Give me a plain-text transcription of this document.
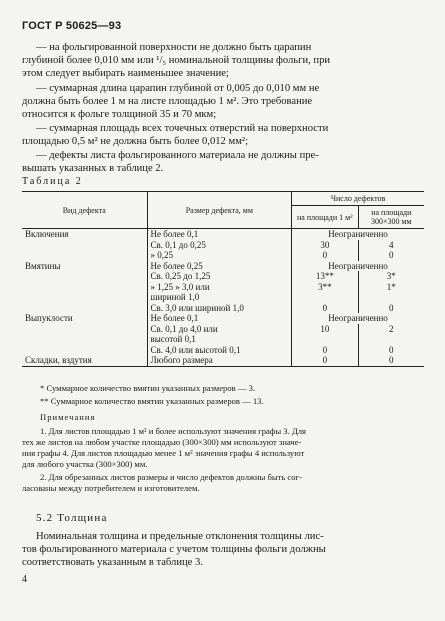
ГОСТ Р 50625—93
— на фольгированной поверхности не должно быть царапин
глубиной более 0,010 мм или ¹/₅ номинальной толщины фольги, при
этом следует выбирать наименьшее значение;
— суммарная длина царапин глубиной от 0,005 до 0,010 мм не
должна быть более 1 м на листе площадью 1 м². Это требование
относится к фольге толщиной 35 и 70 мкм;
— суммарная площадь всех точечных отверстий на поверхности
площадью 0,5 м² не должна быть более 0,012 мм²;
— дефекты листа фольгированного материала не должны пре-
вышать указанных в таблице 2.
Таблица 2
Вид дефекта	Размер дефекта, мм	Число дефектов	
		на площади 1 м²	на площади 300×300 мм
Включения	Не более 0,1	Неограниченно	
	Св. 0,1 до 0,25	30	4
	» 0,25	0	0
Вмятины	Не более 0,25	Неограниченно	
	Св. 0,25 до 1,25	13**	3*
	» 1,25 » 3,0 или	3**	1*
	шириной 1,0		
	Св. 3,0 или шириной 1,0	0	0
Выпуклости	Не более 0,1	Неограниченно	
	Св. 0,1 до 4,0 или	10	2
	высотой 0,1		
	Св. 4,0 или высотой 0,1	0	0
Складки, вздутия	Любого размера	0	0
* Суммарное количество вмятин указанных размеров — 3.
** Суммарное количество вмятин указанных размеров — 13.
Примечания
1. Для листов площадью 1 м² и более используют значения графы 3. Для
тех же листов на любом участке площадью (300×300) мм используют значе-
ния графы 4. Для листов площадью менее 1 м² значения графы 4 используют
для любого участка (300×300) мм.
2. Для обрезанных листов размеры и число дефектов должны быть сог-
ласованы между потребителем и изготовителем.
5.2 Толщина
Номинальная толщина и предельные отклонения толщины лис-
тов фольгированного материала с учетом толщины фольги должны
соответствовать указанным в таблице 3.
4
